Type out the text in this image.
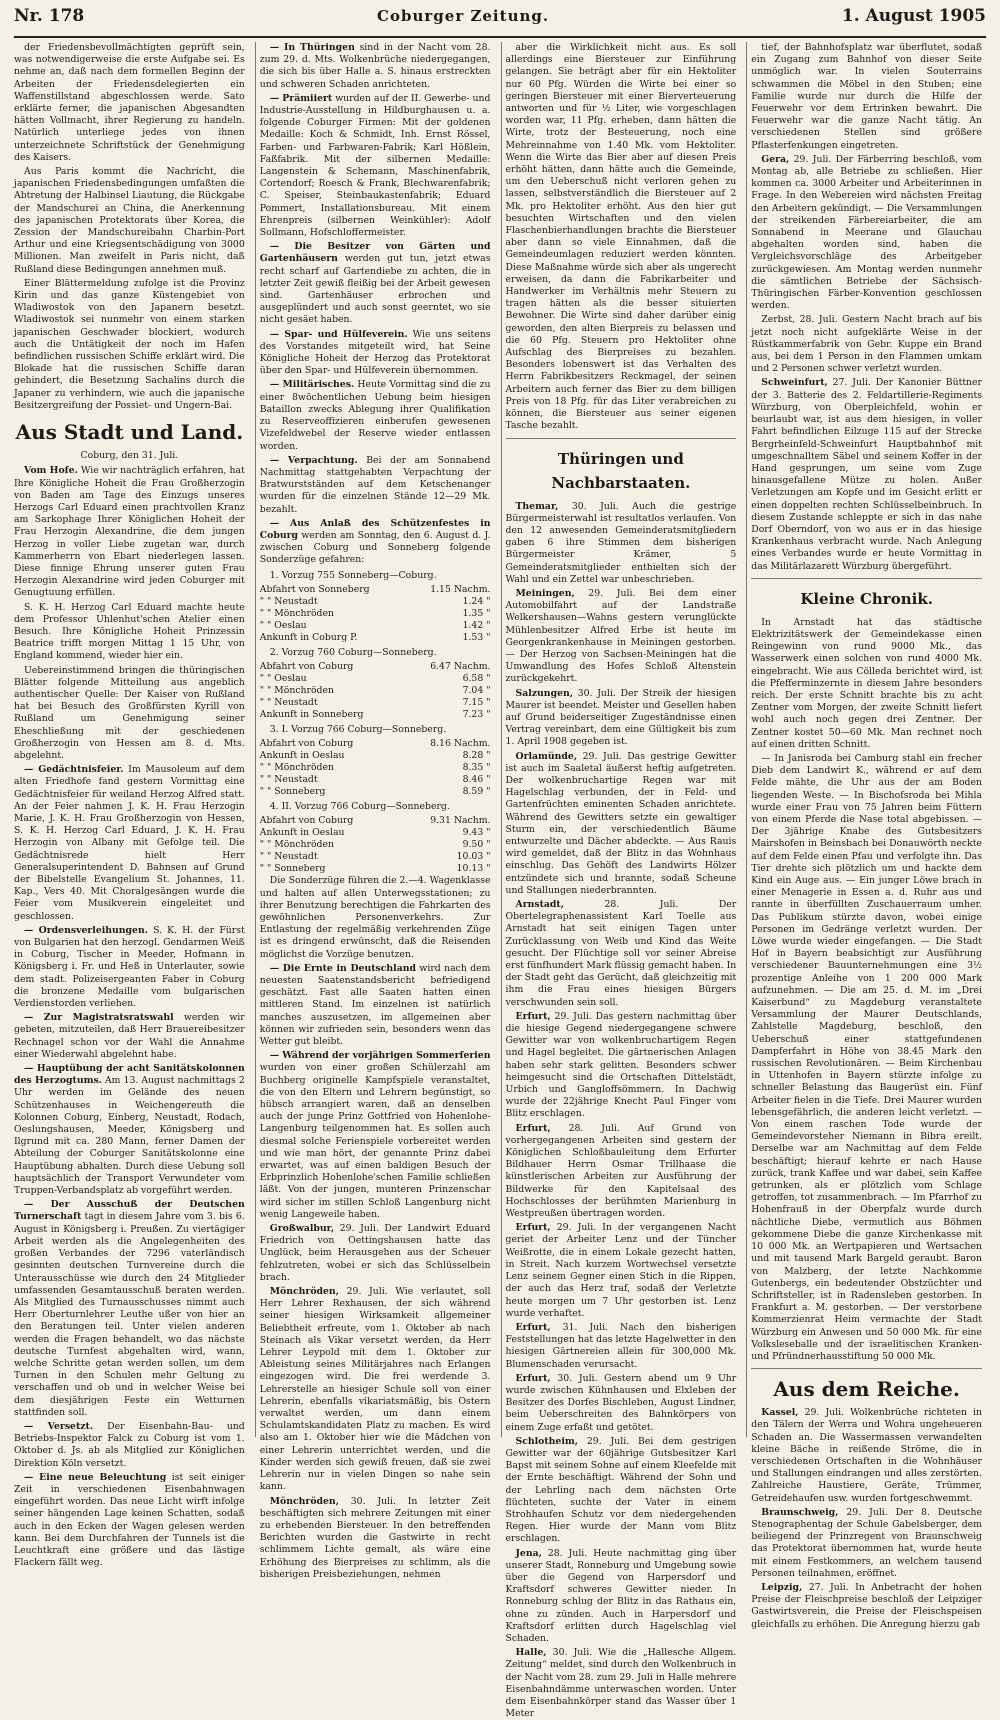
Nr. 178	Coburger Zeitung.	1. August 1905

der Friedensbevollmächtigten geprüft sein, was notwendigerweise die erste Aufgabe sei. Es nehme an, daß nach dem formellen Beginn der Arbeiten der Friedensdelegierten ein Waffenstillstand abgeschlossen werde. Sato erklärte ferner, die japanischen Abgesandten hätten Vollmacht, ihrer Regierung zu handeln. Natürlich unterliege jedes von ihnen unterzeichnete Schriftstück der Genehmigung des Kaisers.

Aus Paris kommt die Nachricht, die japanischen Friedensbedingungen umfaßten die Abtretung der Halbinsel Liautung, die Rückgabe der Mandschurei an China, die Anerkennung des japanischen Protektorats über Korea, die Zession der Mandschureibahn Charbin-Port Arthur und eine Kriegsentschädigung von 3000 Millionen. Man zweifelt in Paris nicht, daß Rußland diese Bedingungen annehmen muß.

Einer Blättermeldung zufolge ist die Provinz Kirin und das ganze Küstengebiet von Wladiwostok von den Japanern besetzt. Wladiwostok sei nunmehr von einem starken japanischen Geschwader blockiert, wodurch auch die Untätigkeit der noch im Hafen befindlichen russischen Schiffe erklärt wird. Die Blokade hat die russischen Schiffe daran gehindert, die Besetzung Sachalins durch die Japaner zu verhindern, wie auch die japanische Besitzergreifung der Possiet- und Ungern-Bai.

Aus Stadt und Land.
Coburg, den 31. Juli.

Vom Hofe. Wie wir nachträglich erfahren, hat Ihre Königliche Hoheit die Frau Großherzogin von Baden am Tage des Einzugs unseres Herzogs Carl Eduard einen prachtvollen Kranz am Sarkophage Ihrer Königlichen Hoheit der Frau Herzogin Alexandrine, die dem jungen Herzog in voller Liebe zugetan war, durch Kammerherrn von Ebart niederlegen lassen. Diese finnige Ehrung unserer guten Frau Herzogin Alexandrine wird jeden Coburger mit Genugtuung erfüllen.

S. K. H. Herzog Carl Eduard machte heute dem Professor Uhlenhut'schen Atelier einen Besuch. Ihre Königliche Hoheit Prinzessin Beatrice trifft morgen Mittag 1 15 Uhr, von England kommend, wieder hier ein.

Uebereinstimmend bringen die thüringischen Blätter folgende Mitteilung aus angeblich authentischer Quelle: Der Kaiser von Rußland hat bei Besuch des Großfürsten Kyrill von Rußland um Genehmigung seiner Eheschließung mit der geschiedenen Großherzogin von Hessen am 8. d. Mts. abgelehnt.

— Gedächtnisfeier. Im Mausoleum auf dem alten Friedhofe fand gestern Vormittag eine Gedächtnisfeier für weiland Herzog Alfred statt. An der Feier nahmen J. K. H. Frau Herzogin Marie, J. K. H. Frau Großherzogin von Hessen, S. K. H. Herzog Carl Eduard, J. K. H. Frau Herzogin von Albany mit Gefolge teil. Die Gedächtnisrede hielt Herr Generalsuperintendent D. Bahnsen auf Grund der Bibelstelle Evangelium St. Johannes, 11. Kap., Vers 40. Mit Choralgesängen wurde die Feier vom Musikverein eingeleitet und geschlossen.

— Ordensverleihungen. S. K. H. der Fürst von Bulgarien hat den herzogl. Gendarmen Weiß in Coburg, Tischer in Meeder, Hofmann in Königsberg i. Fr. und Heß in Unterlauter, sowie dem stadt. Polizeisergeanten Faber in Coburg die bronzene Medaille vom bulgarischen Verdienstorden verliehen.

— Zur Magistratsratswahl werden wir gebeten, mitzuteilen, daß Herr Brauereibesitzer Rechnagel schon vor der Wahl die Annahme einer Wiederwahl abgelehnt habe.

— Hauptübung der acht Sanitätskolonnen des Herzogtums. Am 13. August nachmittags 2 Uhr werden im Gelände des neuen Schützenhauses in Weichengereuth die Kolonnen Coburg, Einberg, Neustadt, Rodach, Oeslungshausen, Meeder, Königsberg und Ilgrund mit ca. 280 Mann, ferner Damen der Abteilung der Coburger Sanitätskolonne eine Hauptübung abhalten. Durch diese Uebung soll hauptsächlich der Transport Verwundeter vom Truppen-Verbandsplatz ab vorgeführt werden.

— Der Ausschuß der Deutschen Turnerschaft tagt in diesem Jahre vom 3. bis 6. August in Königsberg i. Preußen. Zu viertägiger Arbeit werden als die Angelegenheiten des großen Verbandes der 7296 vaterländisch gesinnten deutschen Turnvereine durch die Unterausschüsse wie durch den 24 Mitglieder umfassenden Gesamtausschuß beraten werden. Als Mitglied des Turnausschusses nimmt auch Herr Oberturnlehrer Leuthe ußer von hier an den Beratungen teil. Unter vielen anderen werden die Fragen behandelt, wo das nächste deutsche Turnfest abgehalten wird, wann, welche Schritte getan werden sollen, um dem Turnen in den Schulen mehr Geltung zu verschaffen und ob und in welcher Weise bei dem diesjährigen Feste ein Wetturnen stattfinden soll.

— Versetzt. Der Eisenbahn-Bau- und Betriebs-Inspektor Falck zu Coburg ist vom 1. Oktober d. Js. ab als Mitglied zur Königlichen Direktion Köln versetzt.

— Eine neue Beleuchtung ist seit einiger Zeit in verschiedenen Eisenbahnwagen eingeführt worden. Das neue Licht wirft infolge seiner hängenden Lage keinen Schatten, sodaß auch in den Ecken der Wagen gelesen werden kann. Bei dem Durchfahren der Tunnels ist die Leuchtkraft eine größere und das lästige Flackern fällt weg.

— In Thüringen sind in der Nacht vom 28. zum 29. d. Mts. Wolkenbrüche niedergegangen, die sich bis über Halle a. S. hinaus erstreckten und schweren Schaden anrichteten.

— Prämiiert wurden auf der II. Gewerbe- und Industrie-Ausstellung in Hildburghausen u. a. folgende Coburger Firmen: Mit der goldenen Medaille: Koch & Schmidt, Inh. Ernst Rössel, Farben- und Farbwaren-Fabrik; Karl Hößlein, Faßfabrik. Mit der silbernen Medaille: Langenstein & Schemann, Maschinenfabrik, Cortendorf; Roesch & Frank, Blechwarenfabrik; C. Speiser, Steinbaukastenfabrik; Eduard Pommert, Installationsbureau. Mit einem Ehrenpreis (silbernen Weinkühler): Adolf Sollmann, Hofschloffermeister.

— Die Besitzer von Gärten und Gartenhäusern werden gut tun, jetzt etwas recht scharf auf Gartendiebe zu achten, die in letzter Zeit gewiß fleißig bei der Arbeit gewesen sind. Gartenhäuser erbrochen und ausgeplündert und auch sonst geerntet, wo sie nicht gesäet haben.

— Spar- und Hülfeverein. Wie uns seitens des Vorstandes mitgeteilt wird, hat Seine Königliche Hoheit der Herzog das Protektorat über den Spar- und Hülfeverein übernommen.

— Militärisches. Heute Vormittag sind die zu einer 8wöchentlichen Uebung beim hiesigen Bataillon zwecks Ablegung ihrer Qualifikation zu Reserveoffizieren einberufen gewesenen Vizefeldwebel der Reserve wieder entlassen worden.

— Verpachtung. Bei der am Sonnabend Nachmittag stattgehabten Verpachtung der Bratwurstständen auf dem Ketschenanger wurden für die einzelnen Stände 12—29 Mk. bezahlt.

— Aus Anlaß des Schützenfestes in Coburg werden am Sonntag, den 6. August d. J. zwischen Coburg und Sonneberg folgende Sonderzüge gefahren:

1. Vorzug 755 Sonneberg—Coburg.

Abfahrt von Sonneberg	1.15 Nachm.
" " Neustadt	1.24 "
" " Mönchröden	1.35 "
" " Oeslau	1.42 "
Ankunft in Coburg P.	1.53 "

2. Vorzug 760 Coburg—Sonneberg.

Abfahrt von Coburg	6.47 Nachm.
" " Oeslau	6.58 "
" " Mönchröden	7.04 "
" " Neustadt	7.15 "
Ankunft in Sonneberg	7.23 "

3. I. Vorzug 766 Coburg—Sonneberg.

Abfahrt von Coburg	8.16 Nachm.
Ankunft in Oeslau	8.28 "
" " Mönchröden	8.35 "
" " Neustadt	8.46 "
" " Sonneberg	8.59 "

4. II. Vorzug 766 Coburg—Sonneberg.

Abfahrt von Coburg	9.31 Nachm.
Ankunft in Oeslau	9.43 "
" " Mönchröden	9.50 "
" " Neustadt	10.03 "
" " Sonneberg	10.13 "

Die Sonderzüge führen die 2.—4. Wagenklasse und halten auf allen Unterwegsstationen; zu ihrer Benutzung berechtigen die Fahrkarten des gewöhnlichen Personenverkehrs. Zur Entlastung der regelmäßig verkehrenden Züge ist es dringend erwünscht, daß die Reisenden möglichst die Vorzüge benutzen.

— Die Ernte in Deutschland wird nach dem neuesten Saatenstandsbericht befriedigend geschätzt. Fast alle Saaten hatten einen mittleren Stand. Im einzelnen ist natürlich manches auszusetzen, im allgemeinen aber können wir zufrieden sein, besonders wenn das Wetter gut bleibt.

— Während der vorjährigen Sommerferien wurden von einer großen Schülerzahl am Buchberg originelle Kampfspiele veranstaltet, die von den Eltern und Lehrern begünstigt, so hübsch arrangiert waren, daß an denselben auch der junge Prinz Gottfried von Hohenlohe-Langenburg teilgenommen hat. Es sollen auch diesmal solche Ferienspiele vorbereitet werden und wie man hört, der genannte Prinz dabei erwartet, was auf einen baldigen Besuch der Erbprinzlich Hohenlohe'schen Familie schließen läßt. Von der jungen, munteren Prinzenschar wird sicher im stillen Schloß Langenburg nicht wenig Langeweile haben.

Großwalbur, 29. Juli. Der Landwirt Eduard Friedrich von Oettingshausen hatte das Unglück, beim Herausgehen aus der Scheuer fehlzutreten, wobei er sich das Schlüsselbein brach.

Mönchröden, 29. Juli. Wie verlautet, soll Herr Lehrer Rexhausen, der sich während seiner hiesigen Wirksamkeit allgemeiner Beliebtheit erfreute, vom 1. Oktober ab nach Steinach als Vikar versetzt werden, da Herr Lehrer Leypold mit dem 1. Oktober zur Ableistung seines Militärjahres nach Erlangen eingezogen wird. Die frei werdende 3. Lehrerstelle an hiesiger Schule soll von einer Lehrerin, ebenfalls vikariatsmäßig, bis Ostern verwaltet werden, um dann einem Schulamtskandidaten Platz zu machen. Es wird also am 1. Oktober hier wie die Mädchen von einer Lehrerin unterrichtet werden, und die Kinder werden sich gewiß freuen, daß sie zwei Lehrerin nur in vielen Dingen so nahe sein kann.

Mönchröden, 30. Juli. In letzter Zeit beschäftigten sich mehrere Zeitungen mit einer zu erhebenden Biersteuer. In den betreffenden Berichten wurden die Gastwirte in recht schlimmem Lichte gemalt, als wäre eine Erhöhung des Bierpreises zu schlimm, als die bisherigen Preisbeziehungen, nehmen

aber die Wirklichkeit nicht aus. Es soll allerdings eine Biersteuer zur Einführung gelangen. Sie beträgt aber für ein Hektoliter nur 60 Pfg. Würden die Wirte bei einer so geringen Biersteuer mit einer Bierverteuerung antworten und für ½ Liter, wie vorgeschlagen worden war, 11 Pfg. erheben, dann hätten die Wirte, trotz der Besteuerung, noch eine Mehreinnahme von 1.40 Mk. vom Hektoliter. Wenn die Wirte das Bier aber auf diesen Preis erhöht hätten, dann hätte auch die Gemeinde, um den Ueberschuß nicht verloren gehen zu lassen, selbstverständlich die Biersteuer auf 2 Mk. pro Hektoliter erhöht. Aus den hier gut besuchten Wirtschaften und den vielen Flaschenbierhandlungen brachte die Biersteuer aber dann so viele Einnahmen, daß die Gemeindeumlagen reduziert werden könnten. Diese Maßnahme würde sich aber als ungerecht erweisen, da dann die Fabrikarbeiter und Handwerker im Verhältnis mehr Steuern zu tragen hätten als die besser situierten Bewohner. Die Wirte sind daher darüber einig geworden, den alten Bierpreis zu belassen und die 60 Pfg. Steuern pro Hektoliter ohne Aufschlag des Bierpreises zu bezahlen. Besonders lobenswert ist das Verhalten des Herrn Fabrikbesitzers Reckmagel, der seinen Arbeitern auch ferner das Bier zu dem billigen Preis von 18 Pfg. für das Liter verabreichen zu können, die Biersteuer aus seiner eigenen Tasche bezahlt.

Thüringen und Nachbarstaaten.

Themar, 30. Juli. Auch die gestrige Bürgermeisterwahl ist resultatlos verlaufen. Von den 12 anwesenden Gemeinderatsmitgliedern gaben 6 ihre Stimmen dem bisherigen Bürgermeister Krämer, 5 Gemeinderatsmitglieder enthielten sich der Wahl und ein Zettel war unbeschrieben.

Meiningen, 29. Juli. Bei dem einer Automobilfahrt auf der Landstraße Welkershausen—Wahns gestern verunglückte Mühlenbesitzer Alfred Erbe ist heute im Georgenkrankenhause in Meiningen gestorben. — Der Herzog von Sachsen-Meiningen hat die Umwandlung des Hofes Schloß Altenstein zurückgekehrt.

Salzungen, 30. Juli. Der Streik der hiesigen Maurer ist beendet. Meister und Gesellen haben auf Grund beiderseitiger Zugeständnisse einen Vertrag vereinbart, dem eine Gültigkeit bis zum 1. April 1908 gegeben ist.

Orlamünde, 29. Juli. Das gestrige Gewitter ist auch im Saaletal äußerst heftig aufgetreten. Der wolkenbruchartige Regen war mit Hagelschlag verbunden, der in Feld- und Gartenfrüchten eminenten Schaden anrichtete. Während des Gewitters setzte ein gewaltiger Sturm ein, der verschiedentlich Bäume entwurzelte und Dächer abdeckte. — Aus Rauis wird gemeldet, daß der Blitz in das Wohnhaus einschlug. Das Gehöft des Landwirts Hölzer entzündete sich und brannte, sodaß Scheune und Stallungen niederbrannten.

Arnstadt,	28. Juli. Der Obertelegraphenassistent Karl Toelle aus Arnstadt hat seit einigen Tagen unter Zurücklassung von Weib und Kind das Weite gesucht. Der Flüchtige soll vor seiner Abreise erst fünfhundert Mark flüssig gemacht haben. In der Stadt geht das Gerücht, daß gleichzeitig mit ihm die Frau eines hiesigen Bürgers verschwunden sein soll.

Erfurt, 29. Juli. Das gestern nachmittag über die hiesige Gegend niedergegangene schwere Gewitter war von wolkenbruchartigem Regen und Hagel begleitet. Die gärtnerischen Anlagen haben sehr stark gelitten. Besonders schwer heimgesucht sind die Ortschaften Dittelstädt, Urbich und Gangloffsömmern. In Dachwig wurde der 22jährige Knecht Paul Finger vom Blitz erschlagen.

Erfurt, 28. Juli. Auf Grund von vorhergegangenen Arbeiten sind gestern der Königlichen Schloßbauleitung dem Erfurter Bildhauer Herrn Osmar Trillhaase die künstlerischen Arbeiten zur Ausführung der Bildwerke für den Kapitelsaal des Hochschlosses der berühmten Marienburg in Westpreußen übertragen worden.

Erfurt, 29. Juli. In der vergangenen Nacht geriet der Arbeiter Lenz und der Tüncher Weißrotte, die in einem Lokale gezecht hatten, in Streit. Nach kurzem Wortwechsel versetzte Lenz seinem Gegner einen Stich in die Rippen, der auch das Herz traf, sodaß der Verletzte heute morgen um 7 Uhr gestorben ist. Lenz wurde verhaftet.

Erfurt, 31. Juli. Nach den bisherigen Feststellungen hat das letzte Hagelwetter in den hiesigen Gärtnereien allein für 300,000 Mk. Blumenschaden verursacht.

Erfurt, 30. Juli. Gestern abend um 9 Uhr wurde zwischen Kühnhausen und Elxleben der Besitzer des Dorfes Bischleben, August Lindner, beim Ueberschreiten des Bahnkörpers von einem Zuge erfaßt und getötet.

Schlotheim, 29. Juli. Bei dem gestrigen Gewitter war der 60jährige Gutsbesitzer Karl Bapst mit seinem Sohne auf einem Kleefelde mit der Ernte beschäftigt. Während der Sohn und der Lehrling nach dem nächsten Orte flüchteten, suchte der Vater in einem Strohhaufen Schutz vor dem niedergehenden Regen. Hier wurde der Mann vom Blitz erschlagen.

Jena, 28. Juli. Heute nachmittag ging über unserer Stadt, Ronneburg und Umgebung sowie über die Gegend von Harpersdorf und Kraftsdorf schweres Gewitter nieder. In Ronneburg schlug der Blitz in das Rathaus ein, ohne zu zünden. Auch in Harpersdorf und Kraftsdorf erlitten durch Hagelschlag viel Schaden.

Halle, 30. Juli. Wie die „Hallesche Allgem. Zeitung“ meldet, sind durch den Wolkenbruch in der Nacht vom 28. zum 29. Juli in Halle mehrere Eisenbahndämme unterwaschen worden. Unter dem Eisenbahnkörper stand das Wasser über 1 Meter

tief, der Bahnhofsplatz war überflutet, sodaß ein Zugang zum Bahnhof von dieser Seite unmöglich war. In vielen Souterrains schwammen die Möbel in den Stuben; eine Familie wurde nur durch die Hilfe der Feuerwehr vor dem Ertrinken bewahrt. Die Feuerwehr war die ganze Nacht tätig. An verschiedenen Stellen sind größere Pflasterfenkungen eingetreten.

Gera, 29. Juli. Der Färberring beschloß, vom Montag ab, alle Betriebe zu schließen. Hier kommen ca. 3000 Arbeiter und Arbeiterinnen in Frage. In den Webereien wird nächsten Freitag den Arbeitern gekündigt. — Die Versammlungen der streikenden Färbereiarbeiter, die am Sonnabend in Meerane und Glauchau abgehalten worden sind, haben die Vergleichsvorschläge des Arbeitgeber zurückgewiesen. Am Montag werden nunmehr die sämtlichen Betriebe der Sächsisch-Thüringischen Färber-Konvention geschlossen werden.

Zerbst, 28. Juli. Gestern Nacht brach auf bis jetzt noch nicht aufgeklärte Weise in der Rüstkammerfabrik von Gebr. Kuppe ein Brand aus, bei dem 1 Person in den Flammen umkam und 2 Personen schwer verletzt wurden.

Schweinfurt, 27. Juli. Der Kanonier Büttner der 3. Batterie des 2. Feldartillerie-Regiments Würzburg, von Oberpleichfeld, wohin er beurlaubt war, ist aus dem hiesigen, in voller Fahrt befindlichen Eilzuge 115 auf der Strecke Bergrheinfeld-Schweinfurt Hauptbahnhof mit umgeschnalltem Säbel und seinem Koffer in der Hand gesprungen, um seine vom Zuge hinausgefallene Mütze zu holen. Außer Verletzungen am Kopfe und im Gesicht erlitt er einen doppelten rechten Schlüsselbeinbruch. In diesem Zustande schleppte er sich in das nahe Dorf Oberndorf, von wo aus er in das hiesige Krankenhaus verbracht wurde. Nach Anlegung eines Verbandes wurde er heute Vormittag in das Militärlazarett Würzburg übergeführt.

Kleine Chronik.

In Arnstadt hat das städtische Elektrizitätswerk der Gemeindekasse einen Reingewinn von rund 9000 Mk., das Wasserwerk einen solchen von rund 4000 Mk. eingebracht. Wie aus Cölleda berichtet wird, ist die Pfefferminzernte in diesem Jahre besonders reich. Der erste Schnitt brachte bis zu acht Zentner vom Morgen, der zweite Schnitt liefert wohl auch noch gegen drei Zentner. Der Zentner kostet 50—60 Mk. Man rechnet noch auf einen dritten Schnitt.

— In Janisroda bei Camburg stahl ein frecher Dieb dem Landwirt K., während er auf dem Felde mähte, die Uhr aus der am Boden liegenden Weste. — In Bischofsroda bei Mihla wurde einer Frau von 75 Jahren beim Füttern von einem Pferde die Nase total abgebissen. — Der 3jährige Knabe des Gutsbesitzers Mairshofen in Beinsbach bei Donauwörth neckte auf dem Felde einen Pfau und verfolgte ihn. Das Tier drehte sich plötzlich um und hackte dem Kind ein Auge aus. — Ein junger Löwe brach in einer Menagerie in Essen a. d. Ruhr aus und rannte in überfüllten Zuschauerraum umher. Das Publikum stürzte davon, wobei einige Personen im Gedränge verletzt wurden. Der Löwe wurde wieder eingefangen. — Die Stadt Hof in Bayern beabsichtigt zur Ausführung verschiedener Bauunternehmungen eine 3½ prozentige Anleihe von 1 200 000 Mark aufzunehmen. — Die am 25. d. M. im „Drei Kaiserbund“ zu Magdeburg veranstaltete Versammlung der Maurer Deutschlands, Zahlstelle Magdeburg, beschloß, den Ueberschuß einer stattgefundenen Dampferfahrt in Höhe von 38.45 Mark den russischen Revolutionären. — Beim Kirchenbau in Uttenhofen in Bayern stürzte infolge zu schneller Belastung das Baugerüst ein. Fünf Arbeiter fielen in die Tiefe. Drei Maurer wurden lebensgefährlich, die anderen leicht verletzt. — Von einem raschen Tode wurde der Gemeindevorsteher Niemann in Bibra ereilt. Derselbe war am Nachmittag auf dem Felde beschäftigt; hierauf kehrte er nach Hause zurück, trank Kaffee und war dabei, sein Kaffee getrunken, als er plötzlich vom Schlage getroffen, tot zusammenbrach. — Im Pfarrhof zu Hohenfrauß in der Oberpfalz wurde durch nächtliche Diebe, vermutlich aus Böhmen gekommene Diebe die ganze Kirchenkasse mit 10 000 Mk. an Wertpapieren und Wertsachen und mit tausend Mark Bargeld geraubt. Baron von Malzberg, der letzte Nachkomme Gutenbergs, ein bedeutender Obstzüchter und Schriftsteller, ist in Radensleben gestorben. In Frankfurt a. M. gestorben. — Der verstorbene Kommerzienrat Heim vermachte der Stadt Würzburg ein Anwesen und 50 000 Mk. für eine Volksleseballe und der israelitischen Kranken- und Pfründnerhausstiftung 50 000 Mk.

Aus dem Reiche.

Kassel, 29. Juli. Wolkenbrüche richteten in den Tälern der Werra und Wohra ungeheueren Schaden an. Die Wassermassen verwandelten kleine Bäche in reißende Ströme, die in verschiedenen Ortschaften in die Wohnhäuser und Stallungen eindrangen und alles zerstörten. Zahlreiche Haustiere, Geräte, Trümmer, Getreidehaufen usw. wurden fortgeschwemmt.

Braunschweig, 29. Juli. Der 8. Deutsche Stenographentag der Schule Gabelsberger, dem beiliegend der Prinzregent von Braunschweig das Protektorat übernommen hat, wurde heute mit einem Festkommers, an welchem tausend Personen teilnahmen, eröffnet.

Leipzig, 27. Juli. In Anbetracht der hohen Preise der Fleischpreise beschloß der Leipziger Gastwirtsverein, die Preise der Fleischspeisen gleichfalls zu erhöhen. Die Anregung hierzu gab
